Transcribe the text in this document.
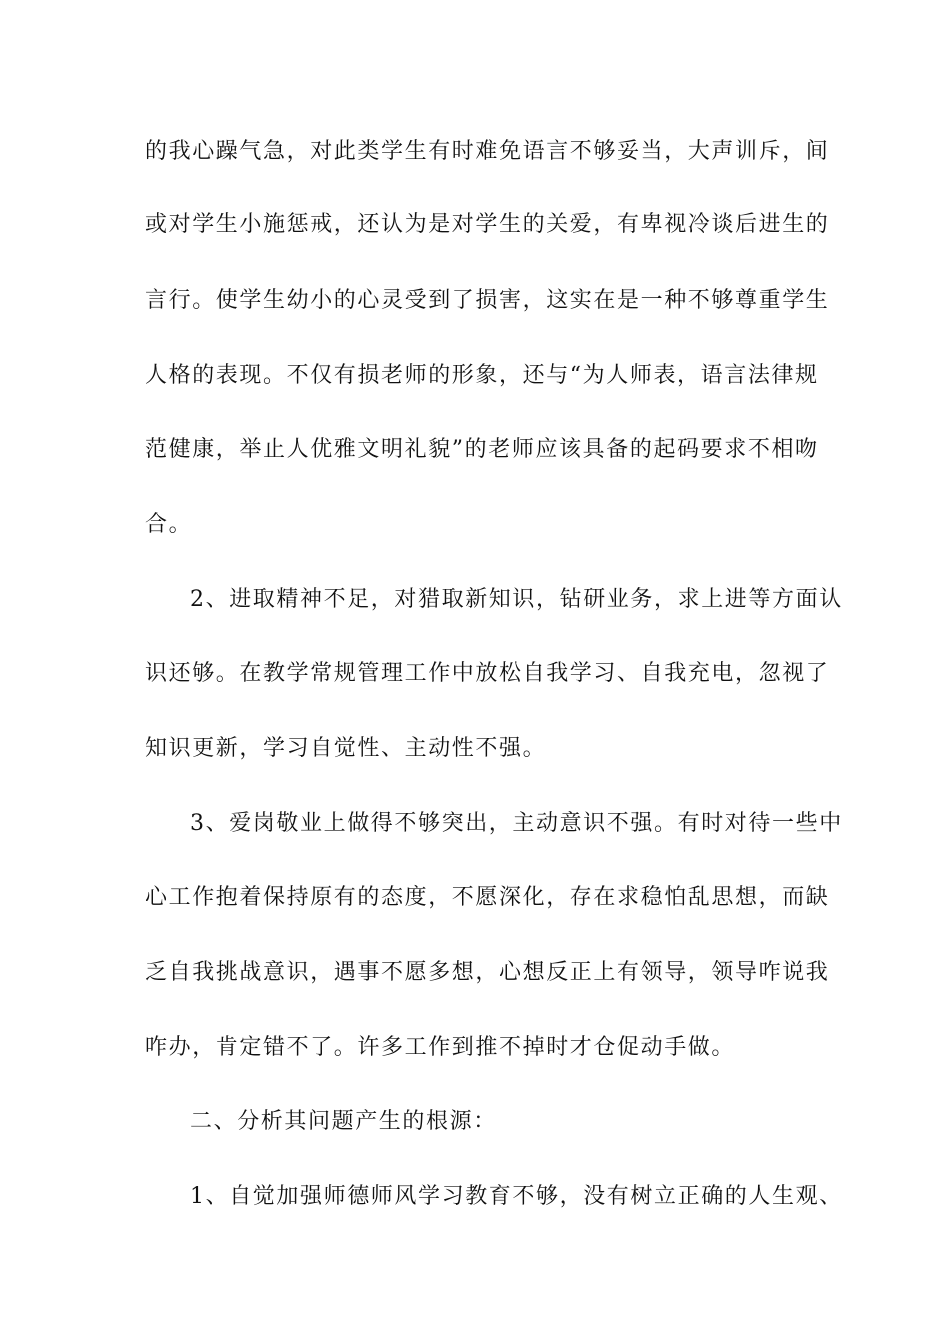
的我心躁气急，对此类学生有时难免语言不够妥当，大声训斥，间
或对学生小施惩戒，还认为是对学生的关爱，有卑视冷谈后进生的
言行。使学生幼小的心灵受到了损害，这实在是一种不够尊重学生
人格的表现。不仅有损老师的形象，还与“为人师表，语言法律规
范健康，举止人优雅文明礼貌”的老师应该具备的起码要求不相吻
合。
2、进取精神不足，对猎取新知识，钻研业务，求上进等方面认
识还够。在教学常规管理工作中放松自我学习、自我充电，忽视了
知识更新，学习自觉性、主动性不强。
3、爱岗敬业上做得不够突出，主动意识不强。有时对待一些中
心工作抱着保持原有的态度，不愿深化，存在求稳怕乱思想，而缺
乏自我挑战意识，遇事不愿多想，心想反正上有领导，领导咋说我
咋办，肯定错不了。许多工作到推不掉时才仓促动手做。
二、分析其问题产生的根源：
1、自觉加强师德师风学习教育不够，没有树立正确的人生观、
